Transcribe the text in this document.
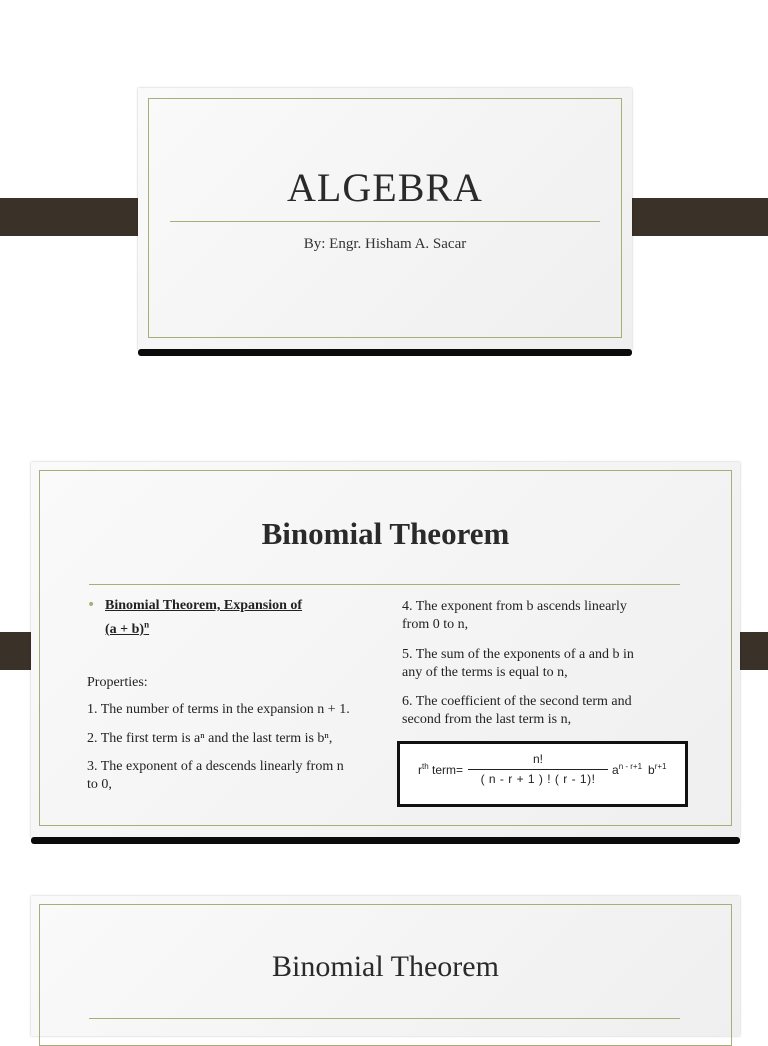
ALGEBRA
By: Engr. Hisham A. Sacar
Binomial Theorem
• Binomial Theorem, Expansion of
$(a + b)^n$
Properties:
1. The number of terms in the expansion n + 1.
2. The first term is aⁿ and the last term is bⁿ,
3. The exponent of a descends linearly from n
to 0,
4. The exponent from b ascends linearly
from 0 to n,
5. The sum of the exponents of a and b in
any of the terms is equal to n,
6. The coefficient of the second term and
second from the last term is n,
$r^{th}$ term=
n!
( n - r + 1 ) ! ( r - 1)!
$a^{n - r+1}$ $b^{r+1}$
Binomial Theorem
